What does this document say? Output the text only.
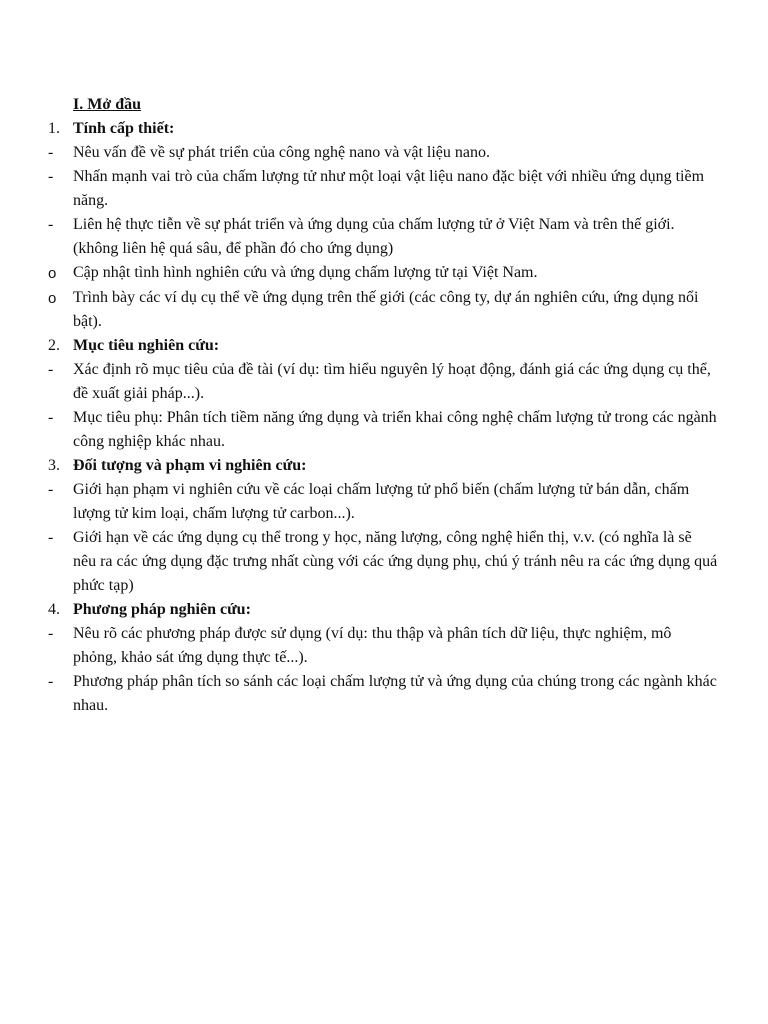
I. Mở đầu
1. Tính cấp thiết:
-	Nêu vấn đề về sự phát triển của công nghệ nano và vật liệu nano.
-	Nhấn mạnh vai trò của chấm lượng tử như một loại vật liệu nano đặc biệt với nhiều ứng dụng tiềm năng.
-	Liên hệ thực tiễn về sự phát triển và ứng dụng của chấm lượng tử ở Việt Nam và trên thế giới. (không liên hệ quá sâu, để phần đó cho ứng dụng)
o	Cập nhật tình hình nghiên cứu và ứng dụng chấm lượng tử tại Việt Nam.
o	Trình bày các ví dụ cụ thể về ứng dụng trên thế giới (các công ty, dự án nghiên cứu, ứng dụng nổi bật).
2. Mục tiêu nghiên cứu:
-	Xác định rõ mục tiêu của đề tài (ví dụ: tìm hiểu nguyên lý hoạt động, đánh giá các ứng dụng cụ thể, đề xuất giải pháp...).
-	Mục tiêu phụ: Phân tích tiềm năng ứng dụng và triển khai công nghệ chấm lượng tử trong các ngành công nghiệp khác nhau.
3. Đối tượng và phạm vi nghiên cứu:
-	Giới hạn phạm vi nghiên cứu về các loại chấm lượng tử phổ biến (chấm lượng tử bán dẫn, chấm lượng tử kim loại, chấm lượng tử carbon...).
-	Giới hạn về các ứng dụng cụ thể trong y học, năng lượng, công nghệ hiển thị, v.v. (có nghĩa là sẽ nêu ra các ứng dụng đặc trưng nhất cùng với các ứng dụng phụ, chú ý tránh nêu ra các ứng dụng quá phức tạp)
4. Phương pháp nghiên cứu:
-	Nêu rõ các phương pháp được sử dụng (ví dụ: thu thập và phân tích dữ liệu, thực nghiệm, mô phỏng, khảo sát ứng dụng thực tế...).
-	Phương pháp phân tích so sánh các loại chấm lượng tử và ứng dụng của chúng trong các ngành khác nhau.
